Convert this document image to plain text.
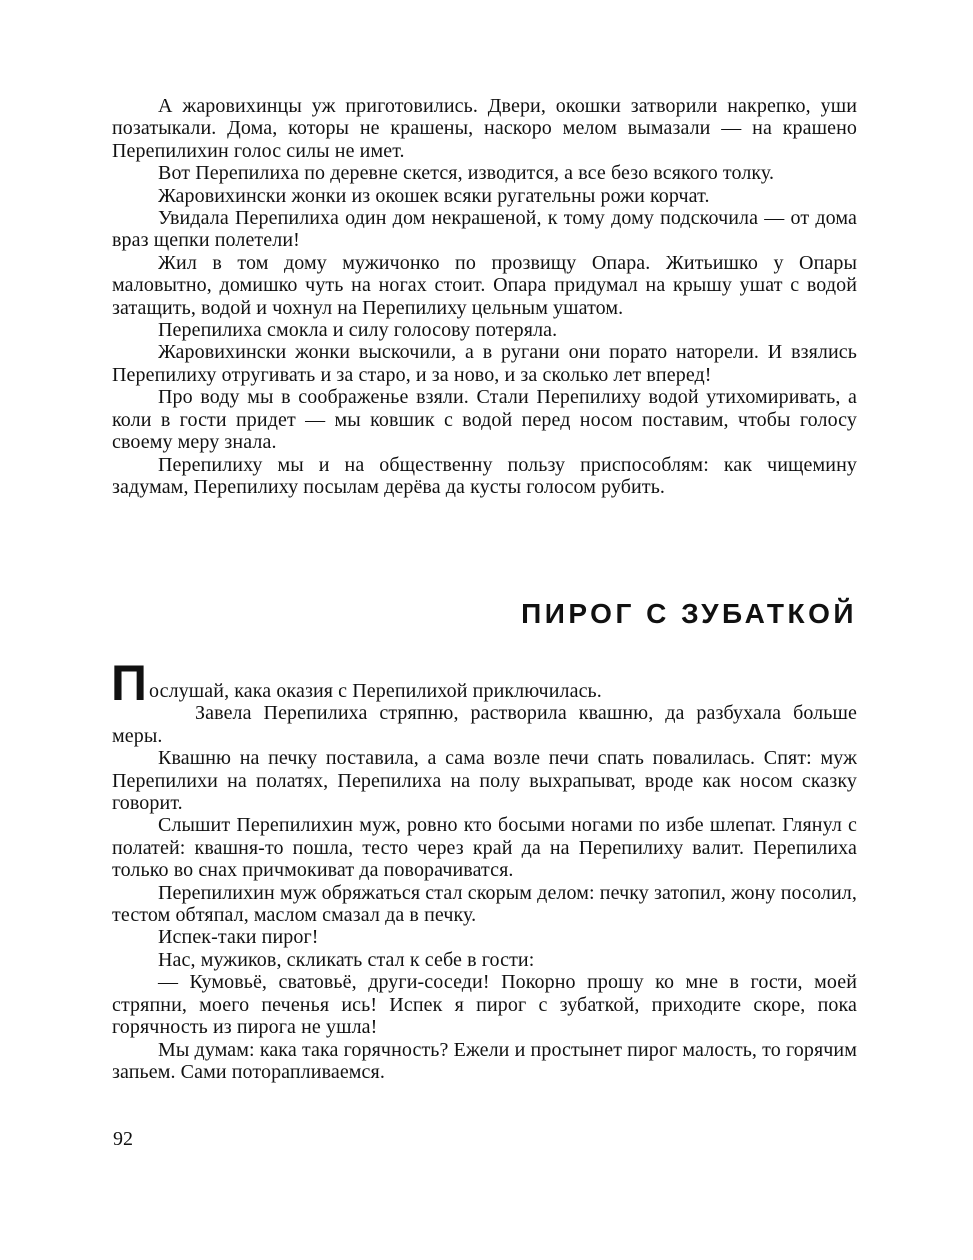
А жаровихинцы уж приготовились. Двери, окошки затворили накрепко, уши позатыкали. Дома, которы не крашены, наскоро мелом вымазали — на крашено Перепилихин голос силы не имет.

Вот Перепилиха по деревне скется, изводится, а все безо всякого толку.

Жаровихински жонки из окошек всяки ругательны рожи корчат.

Увидала Перепилиха один дом некрашеной, к тому дому подскочила — от дома враз щепки полетели!

Жил в том дому мужичонко по прозвищу Опара. Житьишко у Опары маловытно, домишко чуть на ногах стоит. Опара придумал на крышу ушат с водой затащить, водой и чохнул на Перепилиху цельным ушатом.

Перепилиха смокла и силу голосову потеряла.

Жаровихински жонки выскочили, а в ругани они порато наторели. И взялись Перепилиху отругивать и за старо, и за ново, и за сколько лет вперед!

Про воду мы в соображенье взяли. Стали Перепилиху водой утихомиривать, а коли в гости придет — мы ковшик с водой перед носом поставим, чтобы голосу своему меру знала.

Перепилиху мы и на общественну пользу приспособлям: как чищемину задумам, Перепилиху посылам дерёва да кусты голосом рубить.

ПИРОГ С ЗУБАТКОЙ

П ослушай, кака оказия с Перепилихой приключилась.

Завела Перепилиха стряпню, растворила квашню, да разбухала больше меры.

Квашню на печку поставила, а сама возле печи спать повалилась. Спят: муж Перепилихи на полатях, Перепилиха на полу выхрапыват, вроде как носом сказку говорит.

Слышит Перепилихин муж, ровно кто босыми ногами по избе шлепат. Глянул с полатей: квашня-то пошла, тесто через край да на Перепилиху валит. Перепилиха только во снах причмокиват да поворачиватся.

Перепилихин муж обряжаться стал скорым делом: печку затопил, жону посолил, тестом обтяпал, маслом смазал да в печку.

Испек-таки пирог!

Нас, мужиков, скликать стал к себе в гости:

— Кумовьё, сватовьё, други-соседи! Покорно прошу ко мне в гости, моей стряпни, моего печенья ись! Испек я пирог с зубаткой, приходите скоре, пока горячность из пирога не ушла!

Мы думам: кака така горячность? Ежели и простынет пирог малость, то горячим запьем. Сами поторапливаемся.

92
